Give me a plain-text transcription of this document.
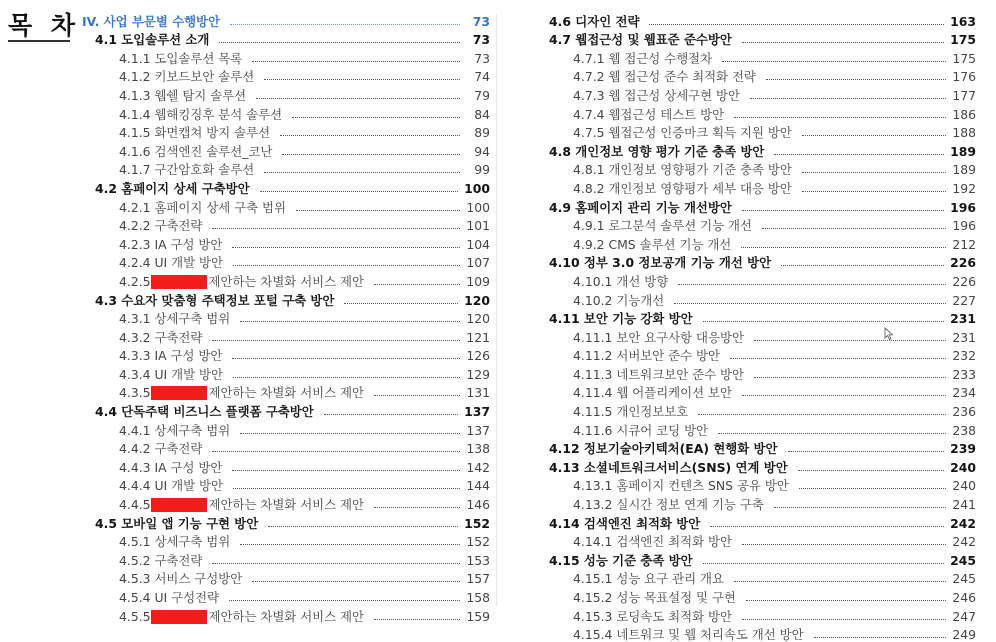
목 차 IV. 사업 부문별 수행방안	73
4.1 도입솔루션 소개	73
4.1.1 도입솔루션 목록	73
4.1.2 키보드보안 솔루션	74
4.1.3 웹쉘 탐지 솔루션	79
4.1.4 웹해킹징후 분석 솔루션	84
4.1.5 화면캡쳐 방지 솔루션	89
4.1.6 검색엔진 솔루션_코난	94
4.1.7 구간암호화 솔루션	99
4.2 홈페이지 상세 구축방안	100
4.2.1 홈페이지 상세 구축 범위	100
4.2.2 구축전략	101
4.2.3 IA 구성 방안	104
4.2.4 UI 개발 방안	107
4.2.5	제안하는 차별화 서비스 제안	109
4.3 수요자 맞춤형 주택정보 포털 구축 방안	120
4.3.1 상세구축 범위	120
4.3.2 구축전략	121
4.3.3 IA 구성 방안	126
4.3.4 UI 개발 방안	129
4.3.5	제안하는 차별화 서비스 제안	131
4.4 단독주택 비즈니스 플랫폼 구축방안	137
4.4.1 상세구축 범위	137
4.4.2 구축전략	138
4.4.3 IA 구성 방안	142
4.4.4 UI 개발 방안	144
4.4.5	제안하는 차별화 서비스 제안	146
4.5 모바일 앱 기능 구현 방안	152
4.5.1 상세구축 범위	152
4.5.2 구축전략	153
4.5.3 서비스 구성방안	157
4.5.4 UI 구성전략	158
4.5.5	제안하는 차별화 서비스 제안	159
4.6 디자인 전략	163
4.7 웹접근성 및 웹표준 준수방안	175
4.7.1 웹 접근성 수행절차	175
4.7.2 웹 접근성 준수 최적화 전략	176
4.7.3 웹 접근성 상세구현 방안	177
4.7.4 웹접근성 테스트 방안	186
4.7.5 웹접근성 인증마크 획득 지원 방안	188
4.8 개인정보 영향 평가 기준 충족 방안	189
4.8.1 개인정보 영향평가 기준 충족 방안	189
4.8.2 개인정보 영향평가 세부 대응 방안	192
4.9 홈페이지 관리 기능 개선방안	196
4.9.1 로그분석 솔루션 기능 개선	196
4.9.2 CMS 솔루션 기능 개선	212
4.10 정부 3.0 정보공개 기능 개선 방안	226
4.10.1 개선 방향	226
4.10.2 기능개선	227
4.11 보안 기능 강화 방안	231
4.11.1 보안 요구사항 대응방안	231
4.11.2 서버보안 준수 방안	232
4.11.3 네트워크보안 준수 방안	233
4.11.4 웹 어플리케이션 보안	234
4.11.5 개인정보보호	236
4.11.6 시큐어 코딩 방안	238
4.12 정보기술아키텍처(EA) 현행화 방안	239
4.13 소셜네트워크서비스(SNS) 연계 방안	240
4.13.1 홈페이지 컨텐츠 SNS 공유 방안	240
4.13.2 실시간 정보 연계 기능 구축	241
4.14 검색엔진 최적화 방안	242
4.14.1 검색엔진 최적화 방안	242
4.15 성능 기준 충족 방안	245
4.15.1 성능 요구 관리 개요	245
4.15.2 성능 목표설정 및 구현	246
4.15.3 로딩속도 최적화 방안	247
4.15.4 네트워크 및 웹 처리속도 개선 방안	249
